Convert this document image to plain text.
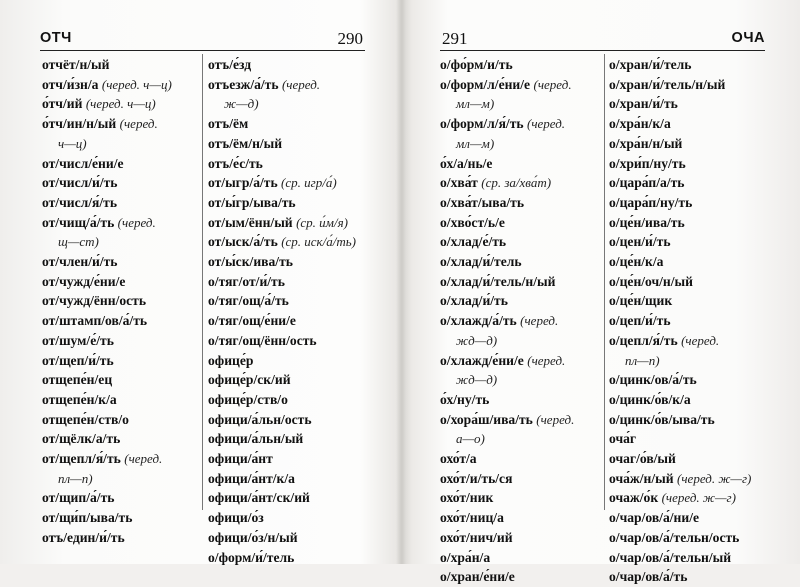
ОТЧ	290
отчёт/н/ый
отч/и́зн/а (черед. ч—ц)
о́тч/ий (черед. ч—ц)
о́тч/ин/н/ый (черед.
ч—ц)
от/числ/е́ни/е
от/числ/и́/ть
от/числ/я́/ть
от/чищ/а́/ть (черед.
щ—ст)
от/член/и́/ть
от/чужд/е́ни/е
от/чужд/ённ/ость
от/штамп/ов/а́/ть
от/шум/е́/ть
от/щеп/и́/ть
отщепе́н/ец
отщепе́н/к/а
отщепе́н/ств/о
от/щёлк/а/ть
от/щепл/я́/ть (черед.
пл—п)
от/щип/а́/ть
от/щи́п/ыва/ть
отъ/един/и́/ть
отъ/е́зд
отъезж/а́/ть (черед.
ж—д)
отъ/ём
отъ/ём/н/ый
отъ/е́с/ть
от/ыгр/а́/ть (ср. игр/а́)
от/ы́гр/ыва/ть
от/ым/ённ/ый (ср. и́м/я)
от/ыск/а́/ть (ср. иск/а́/ть)
от/ы́ск/ива/ть
о/тяг/от/и́/ть
о/тяг/ощ/а́/ть
о/тяг/ощ/е́ни/е
о/тяг/ощ/ённ/ость
офице́р
офице́р/ск/ий
офице́р/ств/о
офици/а́льн/ость
офици/а́льн/ый
офици/а́нт
офици/а́нт/к/а
офици/а́нт/ск/ий
офици/о́з
офици/о́з/н/ый
о/форм/и́/тель
291	ОЧА
о/фо́рм/и/ть
о/форм/л/е́ни/е (черед.
мл—м)
о/форм/л/я́/ть (черед.
мл—м)
о́х/а/нь/е
о/хва́т (ср. за/хва́т)
о/хва́т/ыва/ть
о/хво́ст/ь/е
о/хлад/е́/ть
о/хлад/и́/тель
о/хлад/и́/тель/н/ый
о/хлад/и́/ть
о/хлажд/а́/ть (черед.
жд—д)
о/хлажд/е́ни/е (черед.
жд—д)
о́х/ну/ть
о/хора́ш/ива/ть (черед.
а—о)
охо́т/а
охо́т/и/ть/ся
охо́т/ник
охо́т/ниц/а
охо́т/нич/ий
о/хра́н/а
о/хран/е́ни/е
о/хран/и́/тель
о/хран/и́/тель/н/ый
о/хран/и́/ть
о/хра́н/к/а
о/хра́н/н/ый
о/хри́п/ну/ть
о/цара́п/а/ть
о/цара́п/ну/ть
о/це́н/ива/ть
о/цен/и́/ть
о/це́н/к/а
о/це́н/оч/н/ый
о/це́н/щик
о/цеп/и́/ть
о/цепл/я́/ть (черед.
пл—п)
о/цинк/ов/а́/ть
о/цинк/о́в/к/а
о/цинк/о́в/ыва/ть
оча́г
очаг/о́в/ый
оча́ж/н/ый (черед. ж—г)
очаж/о́к (черед. ж—г)
о/чар/ов/а́/ни/е
о/чар/ов/а́/тельн/ость
о/чар/ов/а́/тельн/ый
о/чар/ов/а́/ть
